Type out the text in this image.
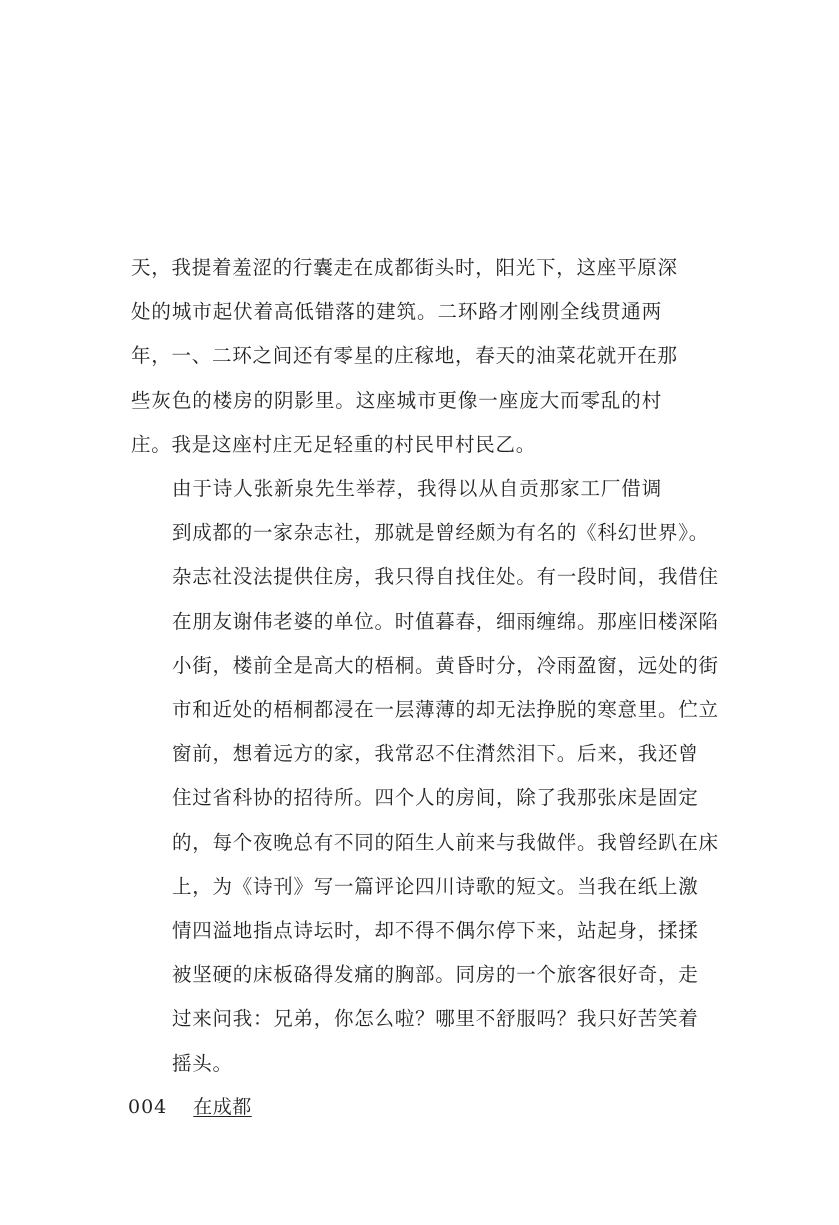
天，我提着羞涩的行囊走在成都街头时，阳光下，这座平原深
处的城市起伏着高低错落的建筑。二环路才刚刚全线贯通两
年，一、二环之间还有零星的庄稼地，春天的油菜花就开在那
些灰色的楼房的阴影里。这座城市更像一座庞大而零乱的村
庄。我是这座村庄无足轻重的村民甲村民乙。

由于诗人张新泉先生举荐，我得以从自贡那家工厂借调
到成都的一家杂志社，那就是曾经颇为有名的《科幻世界》。
杂志社没法提供住房，我只得自找住处。有一段时间，我借住
在朋友谢伟老婆的单位。时值暮春，细雨缠绵。那座旧楼深陷
小街，楼前全是高大的梧桐。黄昏时分，冷雨盈窗，远处的街
市和近处的梧桐都浸在一层薄薄的却无法挣脱的寒意里。伫立
窗前，想着远方的家，我常忍不住潸然泪下。后来，我还曾
住过省科协的招待所。四个人的房间，除了我那张床是固定
的，每个夜晚总有不同的陌生人前来与我做伴。我曾经趴在床
上，为《诗刊》写一篇评论四川诗歌的短文。当我在纸上激
情四溢地指点诗坛时，却不得不偶尔停下来，站起身，揉揉
被坚硬的床板硌得发痛的胸部。同房的一个旅客很好奇，走
过来问我：兄弟，你怎么啦？哪里不舒服吗？我只好苦笑着
摇头。

004 在成都
